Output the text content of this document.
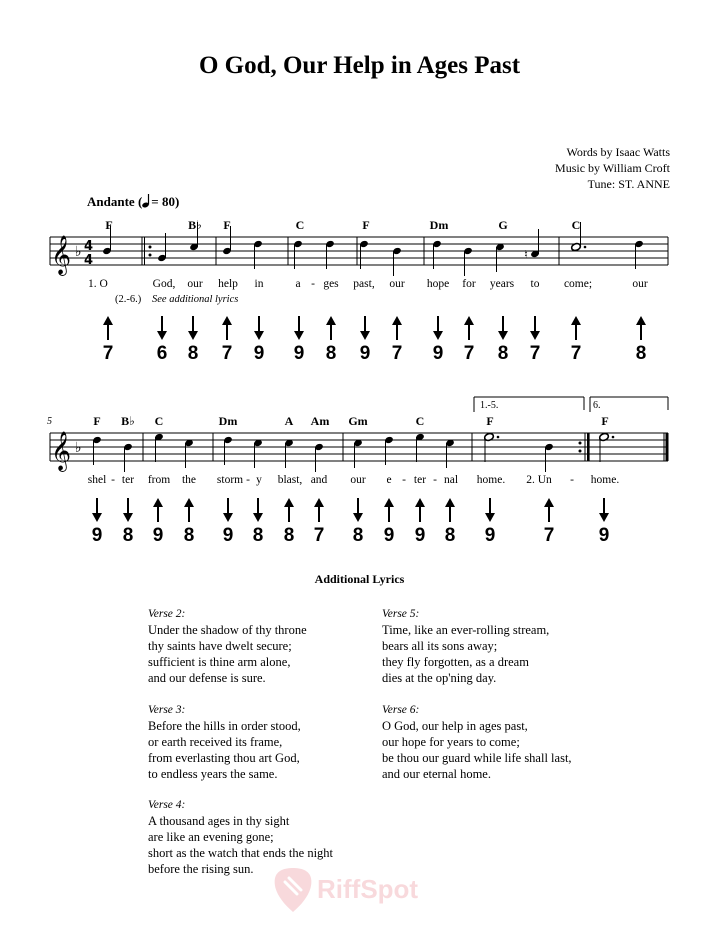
O God, Our Help in Ages Past
Words by Isaac Watts
Music by William Croft
Tune: ST. ANNE
Andante ( = 80)
F	B♭ F	C	F	Dm	G	C
𝄞 ♭ 4
4	♮
1. O	God, our help in	a - ges past, our hope for years to come;	our
(2.-6.) See additional lyrics
7 6 8 7 9 9 8 9 7 9 7 8 7 7	8
5	F B♭ C	Dm	A Am Gm	C	F	F
1.-5.	6.
𝄞 ♭
shel - ter from the storm - y blast, and our e - ter - nal home. 2. Un - home.
9 8 9 8 9 8 8 7 8 9 9 8 9	7 9
Additional Lyrics
Verse 2:
Under the shadow of thy throne
thy saints have dwelt secure;
sufficient is thine arm alone,
and our defense is sure.
Verse 3:
Before the hills in order stood,
or earth received its frame,
from everlasting thou art God,
to endless years the same.
Verse 4:
A thousand ages in thy sight
are like an evening gone;
short as the watch that ends the night
before the rising sun.
Verse 5:
Time, like an ever-rolling stream,
bears all its sons away;
they fly forgotten, as a dream
dies at the op'ning day.
Verse 6:
O God, our help in ages past,
our hope for years to come;
be thou our guard while life shall last,
and our eternal home.
RiffSpot
